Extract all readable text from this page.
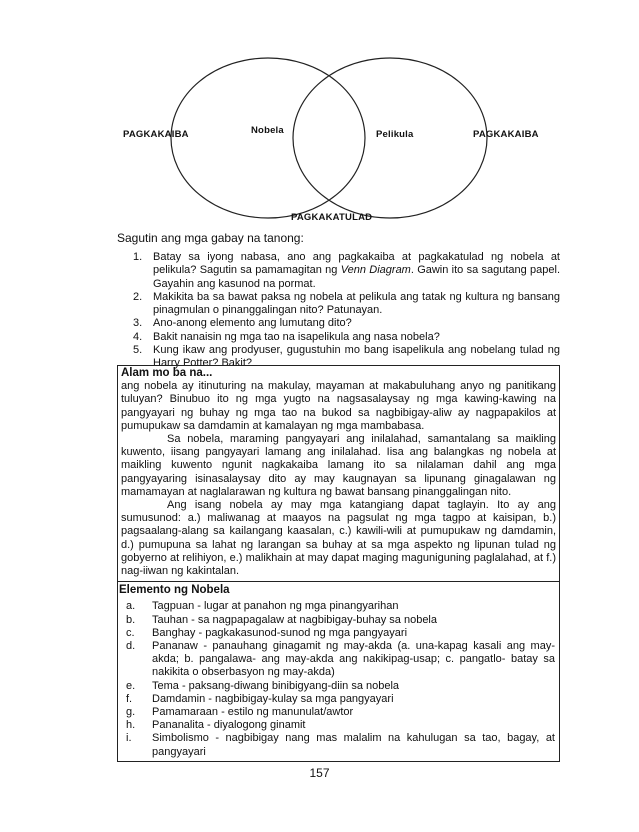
PAGKAKAIBA	Nobela	Pelikula	PAGKAKAIBA
PAGKAKATULAD
Sagutin ang mga gabay na tanong:
1. Batay sa iyong nabasa, ano ang pagkakaiba at pagkakatulad ng nobela at pelikula? Sagutin sa pamamagitan ng Venn Diagram. Gawin ito sa sagutang papel. Gayahin ang kasunod na pormat.
2. Makikita ba sa bawat paksa ng nobela at pelikula ang tatak ng kultura ng bansang pinagmulan o pinanggalingan nito? Patunayan.
3. Ano-anong elemento ang lumutang dito?
4. Bakit nanaisin ng mga tao na isapelikula ang nasa nobela?
5. Kung ikaw ang prodyuser, gugustuhin mo bang isapelikula ang nobelang tulad ng Harry Potter? Bakit?
Alam mo ba na...

ang nobela ay itinuturing na makulay, mayaman at makabuluhang anyo ng panitikang tuluyan? Binubuo ito ng mga yugto na nagsasalaysay ng mga kawing-kawing na pangyayari ng buhay ng mga tao na bukod sa nagbibigay-aliw ay nagpapakilos at pumupukaw sa damdamin at kamalayan ng mga mambabasa.

Sa nobela, maraming pangyayari ang inilalahad, samantalang sa maikling kuwento, iisang pangyayari lamang ang inilalahad. Iisa ang balangkas ng nobela at maikling kuwento ngunit nagkakaiba lamang ito sa nilalaman dahil ang mga pangyayaring isinasalaysay dito ay may kaugnayan sa lipunang ginagalawan ng mamamayan at naglalarawan ng kultura ng bawat bansang pinanggalingan nito.

Ang isang nobela ay may mga katangiang dapat taglayin. Ito ay ang sumusunod: a.) maliwanag at maayos na pagsulat ng mga tagpo at kaisipan, b.) pagsaalang-alang sa kailangang kaasalan, c.) kawili-wili at pumupukaw ng damdamin, d.) pumupuna sa lahat ng larangan sa buhay at sa mga aspekto ng lipunan tulad ng gobyerno at relihiyon, e.) malikhain at may dapat maging maguniguning paglalahad, at f.) nag-iiwan ng kakintalan.

Elemento ng Nobela
a. Tagpuan - lugar at panahon ng mga pinangyarihan
b. Tauhan - sa nagpapagalaw at nagbibigay-buhay sa nobela
c. Banghay - pagkakasunod-sunod ng mga pangyayari
d. Pananaw - panauhang ginagamit ng may-akda (a. una-kapag kasali ang may-akda; b. pangalawa- ang may-akda ang nakikipag-usap; c. pangatlo- batay sa nakikita o obserbasyon ng may-akda)
e. Tema - paksang-diwang binibigyang-diin sa nobela
f. Damdamin - nagbibigay-kulay sa mga pangyayari
g. Pamamaraan - estilo ng manunulat/awtor
h. Pananalita - diyalogong ginamit
i. Simbolismo - nagbibigay nang mas malalim na kahulugan sa tao, bagay, at pangyayari
157
